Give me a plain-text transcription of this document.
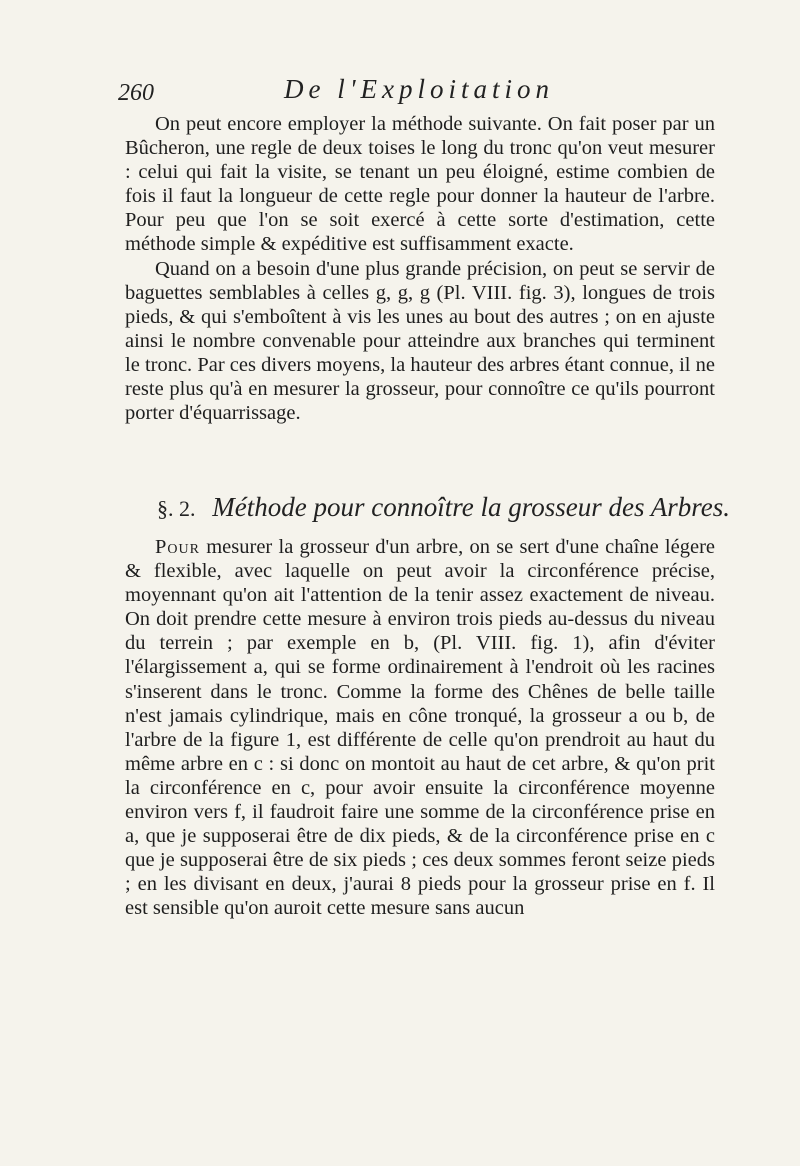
260	De l'Exploitation

On peut encore employer la méthode suivante. On fait poser par un Bûcheron, une regle de deux toises le long du tronc qu'on veut mesurer : celui qui fait la visite, se tenant un peu éloigné, estime combien de fois il faut la longueur de cette regle pour donner la hauteur de l'arbre. Pour peu que l'on se soit exercé à cette sorte d'estimation, cette méthode simple & expéditive est suffisamment exacte.

Quand on a besoin d'une plus grande précision, on peut se servir de baguettes semblables à celles g, g, g (Pl. VIII. fig. 3), longues de trois pieds, & qui s'emboîtent à vis les unes au bout des autres ; on en ajuste ainsi le nombre convenable pour atteindre aux branches qui terminent le tronc. Par ces divers moyens, la hauteur des arbres étant connue, il ne reste plus qu'à en mesurer la grosseur, pour connoître ce qu'ils pourront porter d'équarrissage.

§. 2. Méthode pour connoître la grosseur des Arbres.

Pour mesurer la grosseur d'un arbre, on se sert d'une chaîne légere & flexible, avec laquelle on peut avoir la circonférence précise, moyennant qu'on ait l'attention de la tenir assez exactement de niveau. On doit prendre cette mesure à environ trois pieds au-dessus du niveau du terrein ; par exemple en b, (Pl. VIII. fig. 1), afin d'éviter l'élargissement a, qui se forme ordinairement à l'endroit où les racines s'inserent dans le tronc. Comme la forme des Chênes de belle taille n'est jamais cylindrique, mais en cône tronqué, la grosseur a ou b, de l'arbre de la figure 1, est différente de celle qu'on prendroit au haut du même arbre en c : si donc on montoit au haut de cet arbre, & qu'on prit la circonférence en c, pour avoir ensuite la circonférence moyenne environ vers f, il faudroit faire une somme de la circonférence prise en a, que je supposerai être de dix pieds, & de la circonférence prise en c que je supposerai être de six pieds ; ces deux sommes feront seize pieds ; en les divisant en deux, j'aurai 8 pieds pour la grosseur prise en f. Il est sensible qu'on auroit cette mesure sans aucun
